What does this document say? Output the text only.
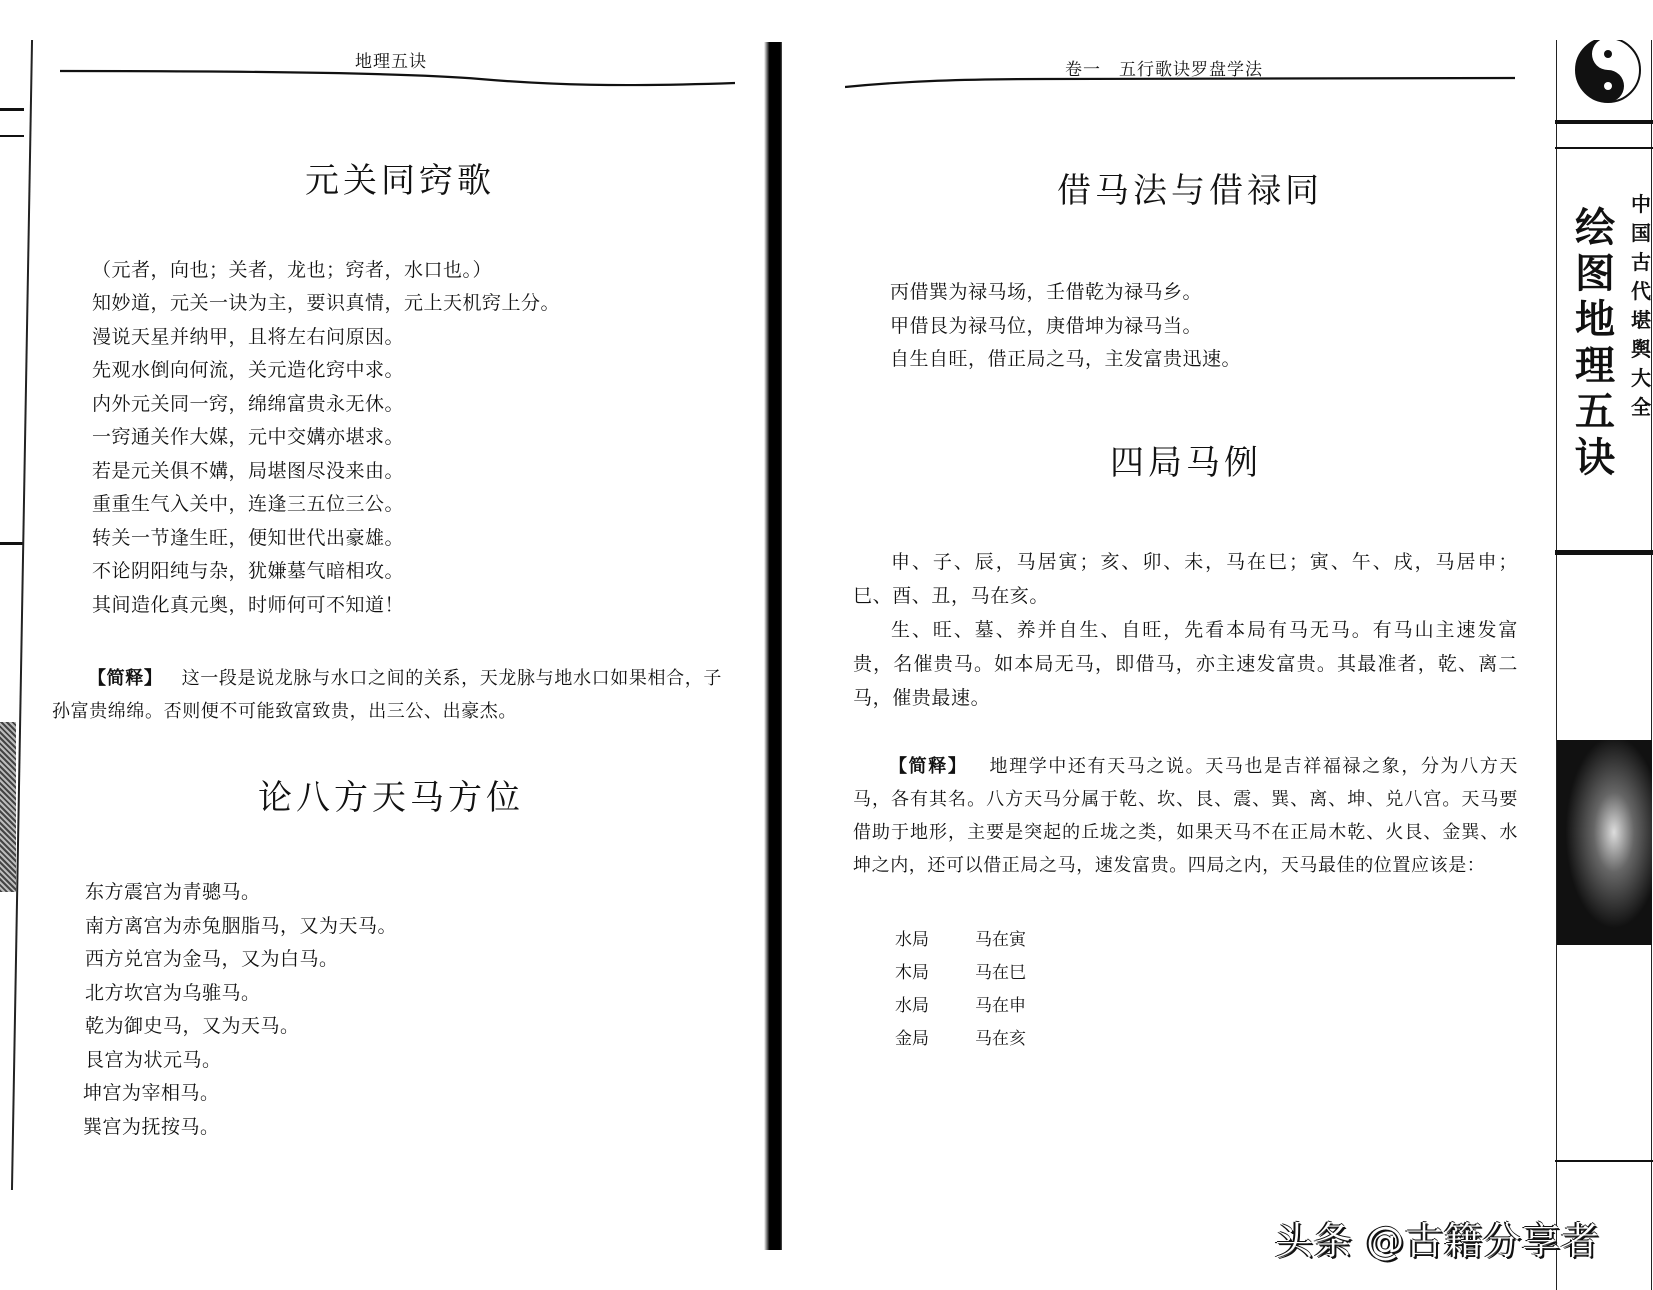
地理五诀
元关同窍歌
（元者，向也；关者，龙也；窍者，水口也。）
知妙道，元关一诀为主，要识真情，元上天机窍上分。
漫说天星并纳甲，且将左右问原因。
先观水倒向何流，关元造化窍中求。
内外元关同一窍，绵绵富贵永无休。
一窍通关作大媒，元中交媾亦堪求。
若是元关俱不媾，局堪图尽没来由。
重重生气入关中，连逢三五位三公。
转关一节逢生旺，便知世代出豪雄。
不论阴阳纯与杂，犹嫌墓气暗相攻。
其间造化真元奥，时师何可不知道！
【简释】 这一段是说龙脉与水口之间的关系，天龙脉与地水口如果相合，子孙富贵绵绵。否则便不可能致富致贵，出三公、出豪杰。
论八方天马方位
东方震宫为青骢马。
南方离宫为赤兔胭脂马，又为天马。
西方兑宫为金马，又为白马。
北方坎宫为乌骓马。
乾为御史马，又为天马。
艮宫为状元马。
坤宫为宰相马。
巽宫为抚按马。
卷一　五行歌诀罗盘学法
借马法与借禄同
丙借巽为禄马场，壬借乾为禄马乡。
甲借艮为禄马位，庚借坤为禄马当。
自生自旺，借正局之马，主发富贵迅速。
四局马例
申、子、辰，马居寅；亥、卯、未，马在巳；寅、午、戌，马居申；巳、酉、丑，马在亥。
生、旺、墓、养并自生、自旺，先看本局有马无马。有马山主速发富贵，名催贵马。如本局无马，即借马，亦主速发富贵。其最准者，乾、离二马，催贵最速。
【简释】 地理学中还有天马之说。天马也是吉祥福禄之象，分为八方天马，各有其名。八方天马分属于乾、坎、艮、震、巽、离、坤、兑八宫。天马要借助于地形，主要是突起的丘垅之类，如果天马不在正局木乾、火艮、金巽、水坤之内，还可以借正局之马，速发富贵。四局之内，天马最佳的位置应该是：
水局	马在寅
木局	马在巳
水局	马在申
金局	马在亥
绘图地理五诀
中国古代堪舆大全
头条 @古籍分享者
